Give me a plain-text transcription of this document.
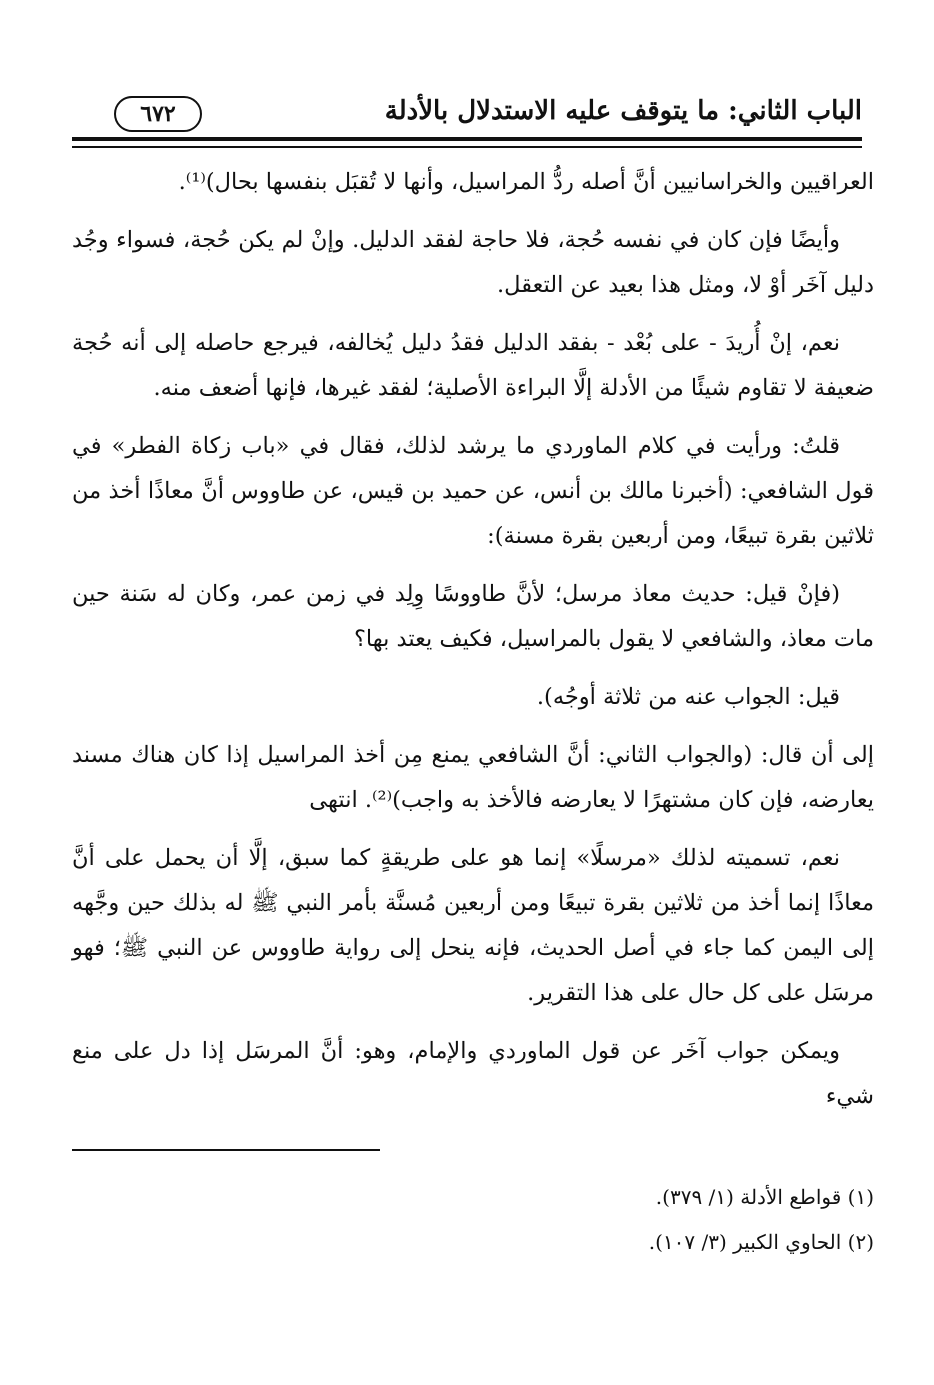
الباب الثاني: ما يتوقف عليه الاستدلال بالأدلة
٦٧٢

العراقيين والخراسانيين أنَّ أصله ردُّ المراسيل، وأنها لا تُقبَل بنفسها بحال)⁽¹⁾.

وأيضًا فإن كان في نفسه حُجة، فلا حاجة لفقد الدليل. وإنْ لم يكن حُجة، فسواء وجُد دليل آخَر أوْ لا، ومثل هذا بعيد عن التعقل.

نعم، إنْ أُريدَ - على بُعْد - بفقد الدليل فقدُ دليل يُخالفه، فيرجع حاصله إلى أنه حُجة ضعيفة لا تقاوم شيئًا من الأدلة إلَّا البراءة الأصلية؛ لفقد غيرها، فإنها أضعف منه.

قلتُ: ورأيت في كلام الماوردي ما يرشد لذلك، فقال في «باب زكاة الفطر» في قول الشافعي: (أخبرنا مالك بن أنس، عن حميد بن قيس، عن طاووس أنَّ معاذًا أخذ من ثلاثين بقرة تبيعًا، ومن أربعين بقرة مسنة):

(فإنْ قيل: حديث معاذ مرسل؛ لأنَّ طاووسًا وِلِد في زمن عمر، وكان له سَنة حين مات معاذ، والشافعي لا يقول بالمراسيل، فكيف يعتد بها؟

قيل: الجواب عنه من ثلاثة أوجُه).

إلى أن قال: (والجواب الثاني: أنَّ الشافعي يمنع مِن أخذ المراسيل إذا كان هناك مسند يعارضه، فإن كان مشتهرًا لا يعارضه فالأخذ به واجب)⁽²⁾. انتهى

نعم، تسميته لذلك «مرسلًا» إنما هو على طريقةٍ كما سبق، إلَّا أن يحمل على أنَّ معاذًا إنما أخذ من ثلاثين بقرة تبيعًا ومن أربعين مُسنَّة بأمر النبي ﷺ له بذلك حين وجَّهه إلى اليمن كما جاء في أصل الحديث، فإنه ينحل إلى رواية طاووس عن النبي ﷺ؛ فهو مرسَل على كل حال على هذا التقرير.

ويمكن جواب آخَر عن قول الماوردي والإمام، وهو: أنَّ المرسَل إذا دل على منع شيء

(١) قواطع الأدلة (١/ ٣٧٩).

(٢) الحاوي الكبير (٣/ ١٠٧).
